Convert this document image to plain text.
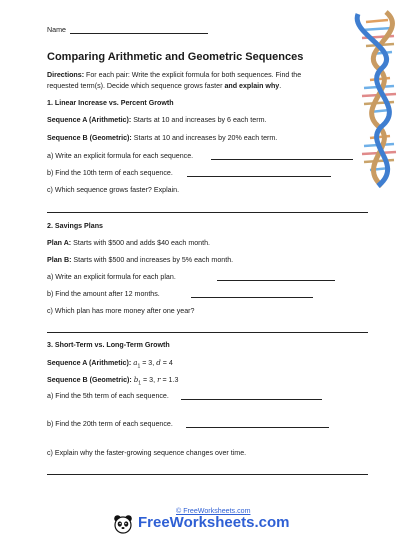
Name
Comparing Arithmetic and Geometric Sequences
Directions: For each pair: Write the explicit formula for both sequences. Find the
requested term(s). Decide which sequence grows faster and explain why.
1. Linear Increase vs. Percent Growth
Sequence A (Arithmetic): Starts at 10 and increases by 6 each term.
Sequence B (Geometric): Starts at 10 and increases by 20% each term.
a) Write an explicit formula for each sequence.
b) Find the 10th term of each sequence.
c) Which sequence grows faster? Explain.
2. Savings Plans
Plan A: Starts with $500 and adds $40 each month.
Plan B: Starts with $500 and increases by 5% each month.
a) Write an explicit formula for each plan.
b) Find the amount after 12 months.
c) Which plan has more money after one year?
3. Short-Term vs. Long-Term Growth
Sequence A (Arithmetic): $a_1 = 3$, d = 4
Sequence B (Geometric): $b_1 = 3$, r = 1.3
a) Find the 5th term of each sequence.
b) Find the 20th term of each sequence.
c) Explain why the faster-growing sequence changes over time.
© FreeWorksheets.com
FreeWorksheets.com
